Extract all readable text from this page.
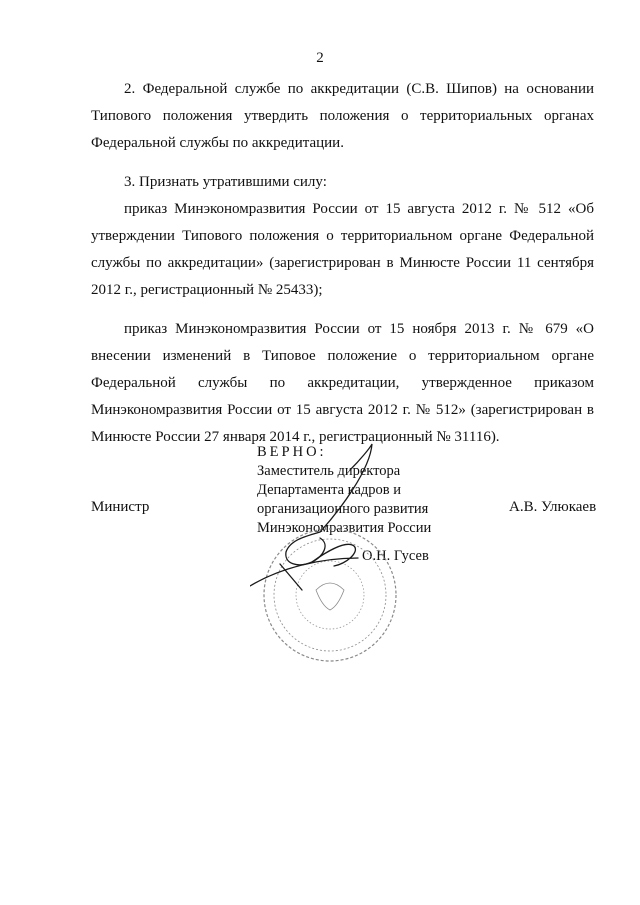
2

2. Федеральной службе по аккредитации (С.В. Шипов) на основании Типового положения утвердить положения о территориальных органах Федеральной службы по аккредитации.

3. Признать утратившими силу:

приказ Минэкономразвития России от 15 августа 2012 г. № 512 «Об утверждении Типового положения о территориальном органе Федеральной службы по аккредитации» (зарегистрирован в Минюсте России 11 сентября 2012 г., регистрационный № 25433);

приказ Минэкономразвития России от 15 ноября 2013 г. № 679 «О внесении изменений в Типовое положение о территориальном органе Федеральной службы по аккредитации, утвержденное приказом Минэкономразвития России от 15 августа 2012 г. № 512» (зарегистрирован в Минюсте России 27 января 2014 г., регистрационный № 31116).

ВЕРНО:
Заместитель директора
Департамента кадров и
организационного развития
Минэкономразвития России
Министр	А.В. Улюкаев
О.Н. Гусев
